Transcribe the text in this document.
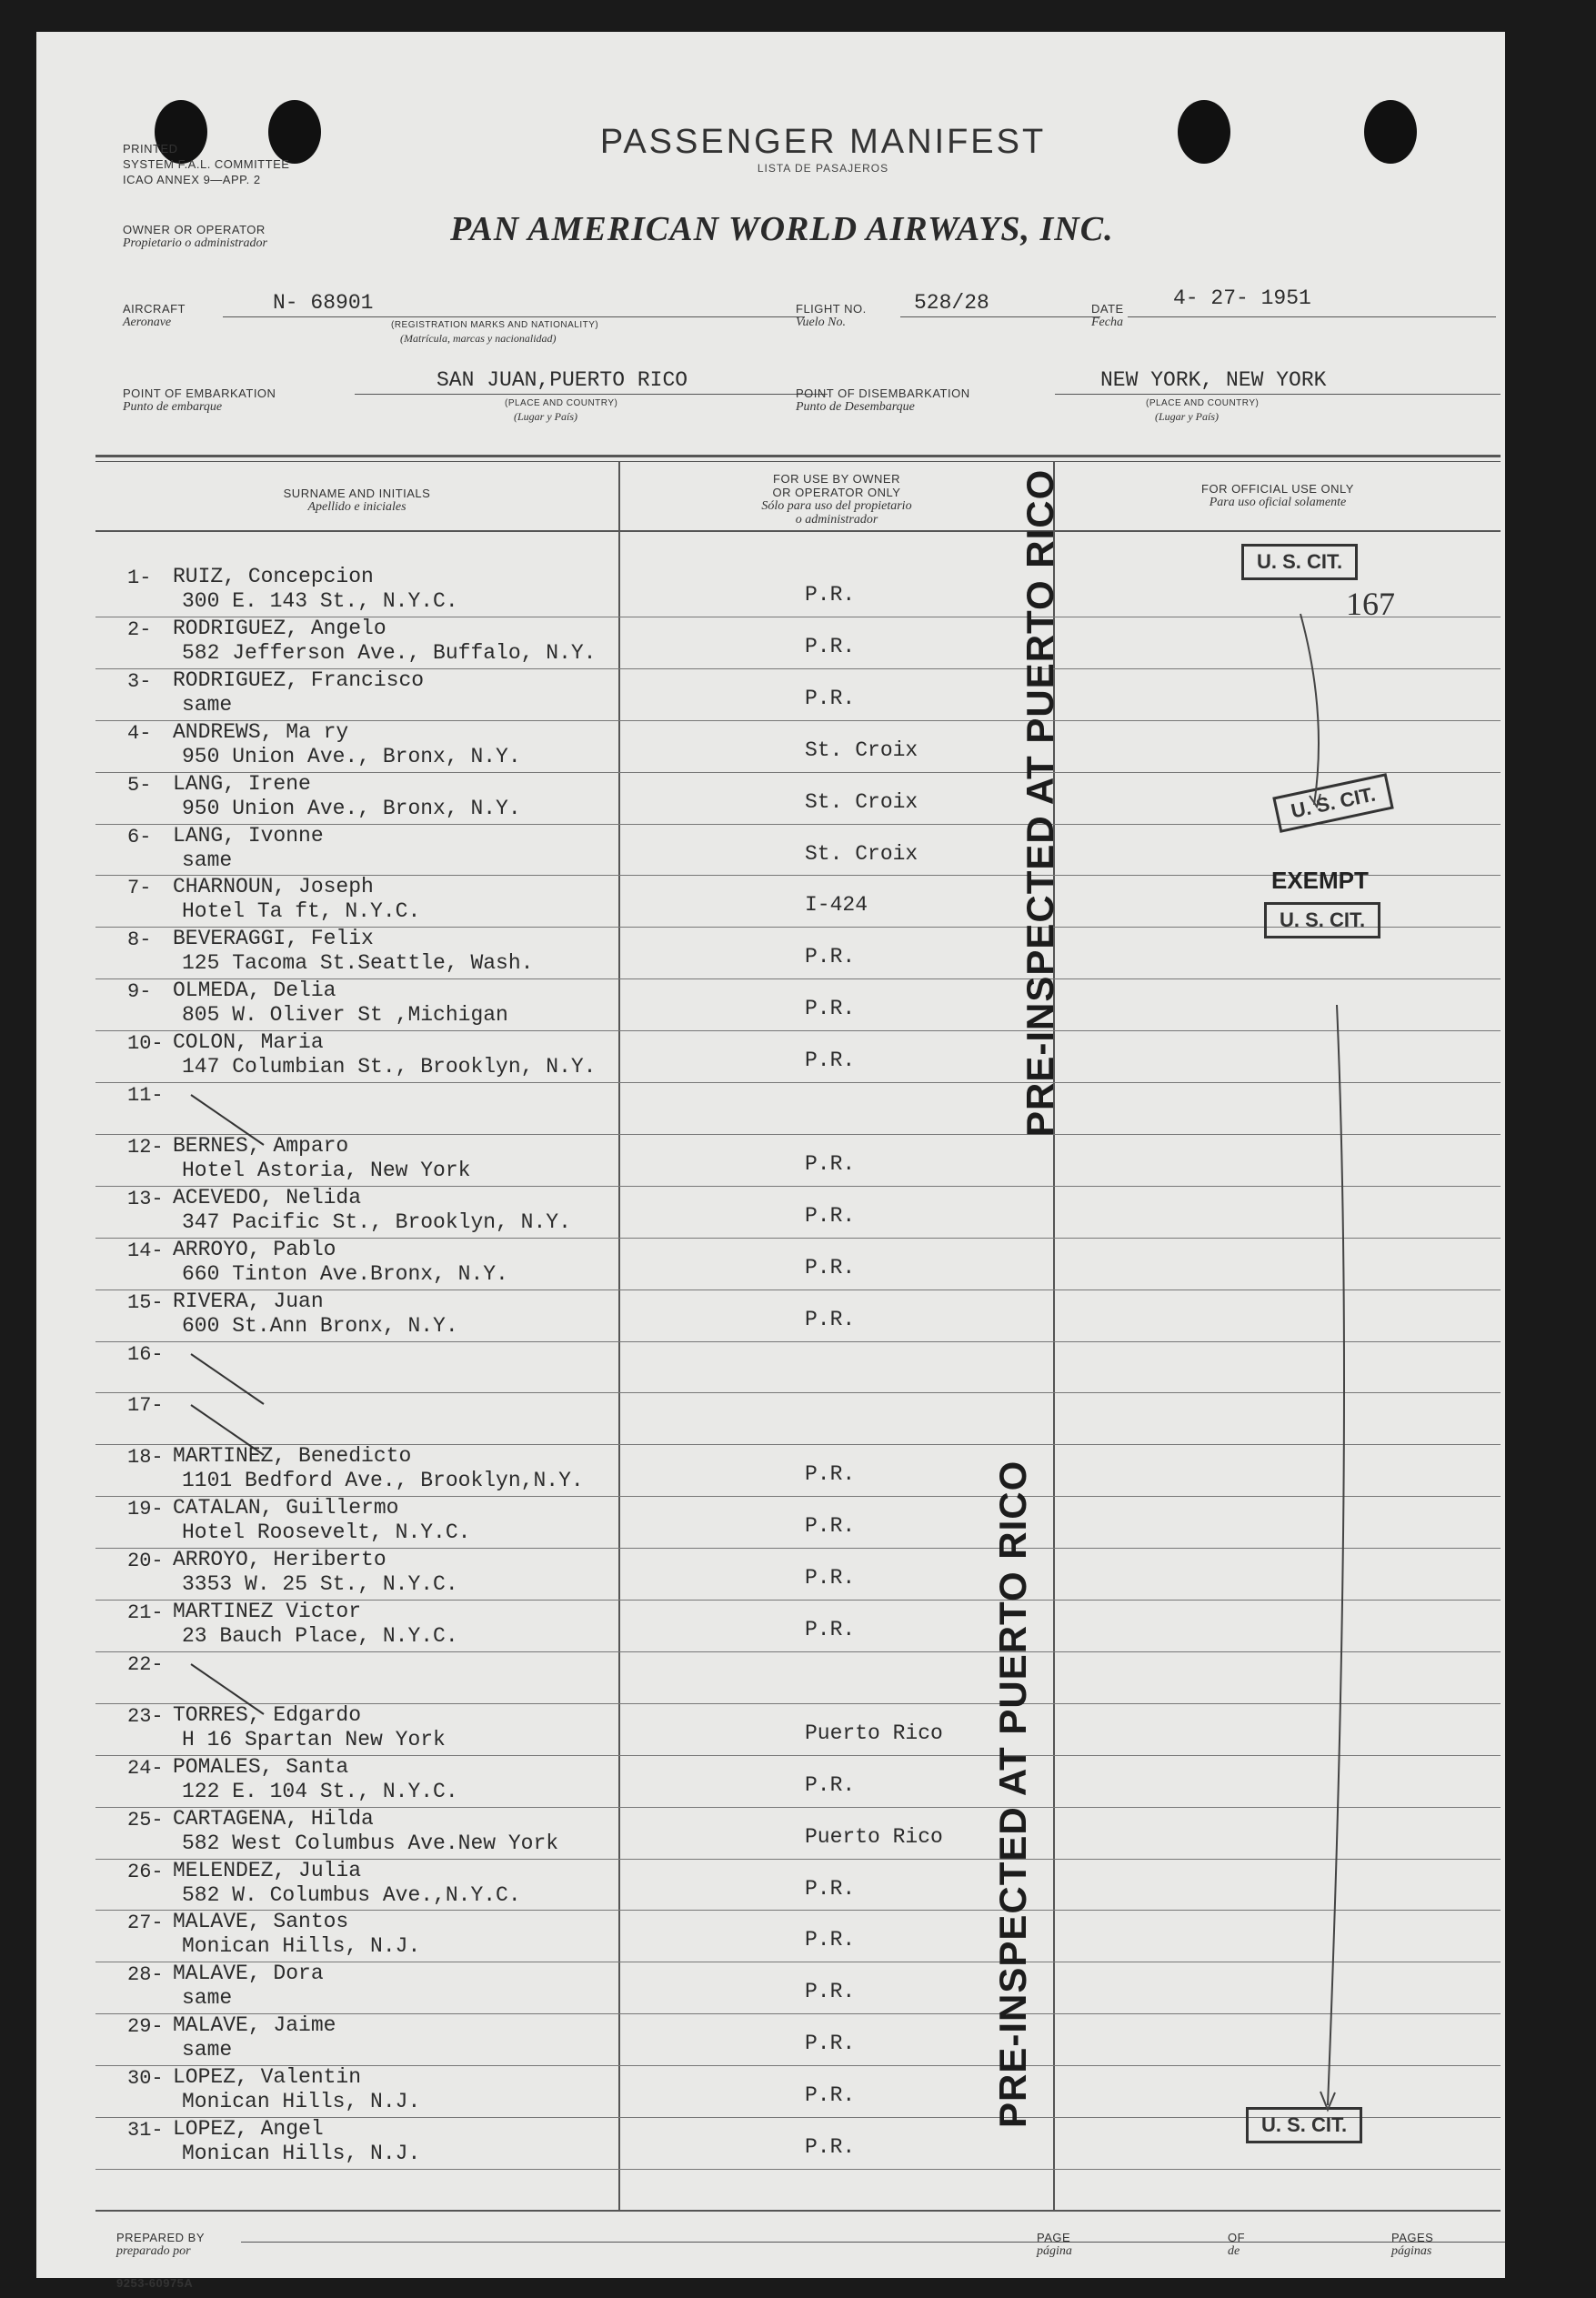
PRINTED
SYSTEM F.A.L. COMMITTEE
ICAO ANNEX 9—APP. 2
PASSENGER MANIFEST
LISTA DE PASAJEROS
OWNER OR OPERATOR
Propietario o administrador	PAN AMERICAN WORLD AIRWAYS, INC.
AIRCRAFT
Aeronave
N- 68901
(REGISTRATION MARKS AND NATIONALITY)
(Matrícula, marcas y nacionalidad)
FLIGHT NO.
Vuelo No.
528/28	DATE
Fecha
4- 27- 1951
POINT OF EMBARKATION
Punto de embarque
SAN JUAN,PUERTO RICO
(PLACE AND COUNTRY)
(Lugar y País)
POINT OF DISEMBARKATION
Punto de Desembarque
NEW YORK, NEW YORK
(PLACE AND COUNTRY)
(Lugar y País)
SURNAME AND INITIALS
Apellido e iniciales
FOR USE BY OWNER
OR OPERATOR ONLY
Sólo para uso del propietario
o administrador
FOR OFFICIAL USE ONLY
Para uso oficial solamente
1- RUIZ, Concepcion
300 E. 143 St., N.Y.C.	P.R.
2- RODRIGUEZ, Angelo
582 Jefferson Ave., Buffalo, N.Y.	P.R.
3- RODRIGUEZ, Francisco
same	P.R.
4- ANDREWS, Ma ry
950 Union Ave., Bronx, N.Y.	St. Croix
5- LANG, Irene
950 Union Ave., Bronx, N.Y.	St. Croix
6- LANG, Ivonne
same	St. Croix
7- CHARNOUN, Joseph
Hotel Ta ft, N.Y.C.	I-424
8- BEVERAGGI, Felix
125 Tacoma St.Seattle, Wash.	P.R.
9- OLMEDA, Delia
805 W. Oliver St ,Michigan	P.R.
10- COLON, Maria
147 Columbian St., Brooklyn, N.Y.	P.R.
11-
12- BERNES, Amparo
Hotel Astoria, New York	P.R.
13- ACEVEDO, Nelida
347 Pacific St., Brooklyn, N.Y.	P.R.
14- ARROYO, Pablo
660 Tinton Ave.Bronx, N.Y.	P.R.
15- RIVERA, Juan
600 St.Ann Bronx, N.Y.	P.R.
16-
17-
18- MARTINEZ, Benedicto
1101 Bedford Ave., Brooklyn,N.Y.	P.R.
19- CATALAN, Guillermo
Hotel Roosevelt, N.Y.C.	P.R.
20- ARROYO, Heriberto
3353 W. 25 St., N.Y.C.	P.R.
21- MARTINEZ Victor
23 Bauch Place, N.Y.C.	P.R.
22-
23- TORRES, Edgardo
H 16 Spartan New York	Puerto Rico
24- POMALES, Santa
122 E. 104 St., N.Y.C.	P.R.
25- CARTAGENA, Hilda
582 West Columbus Ave.New York	Puerto Rico
26- MELENDEZ, Julia
582 W. Columbus Ave.,N.Y.C.	P.R.
27- MALAVE, Santos
Monican Hills, N.J.	P.R.
28- MALAVE, Dora
same	P.R.
29- MALAVE, Jaime
same	P.R.
30- LOPEZ, Valentin
Monican Hills, N.J.	P.R.
31- LOPEZ, Angel
Monican Hills, N.J.	P.R.
U. S. CIT.
167
U. S. CIT.
EXEMPT
U. S. CIT.
U. S. CIT.
PRE-INSPECTED AT PUERTO RICO
PRE-INSPECTED AT PUERTO RICO
PREPARED BY
preparado por
PAGE
página
OF
de
PAGES
páginas
9253-60975A
